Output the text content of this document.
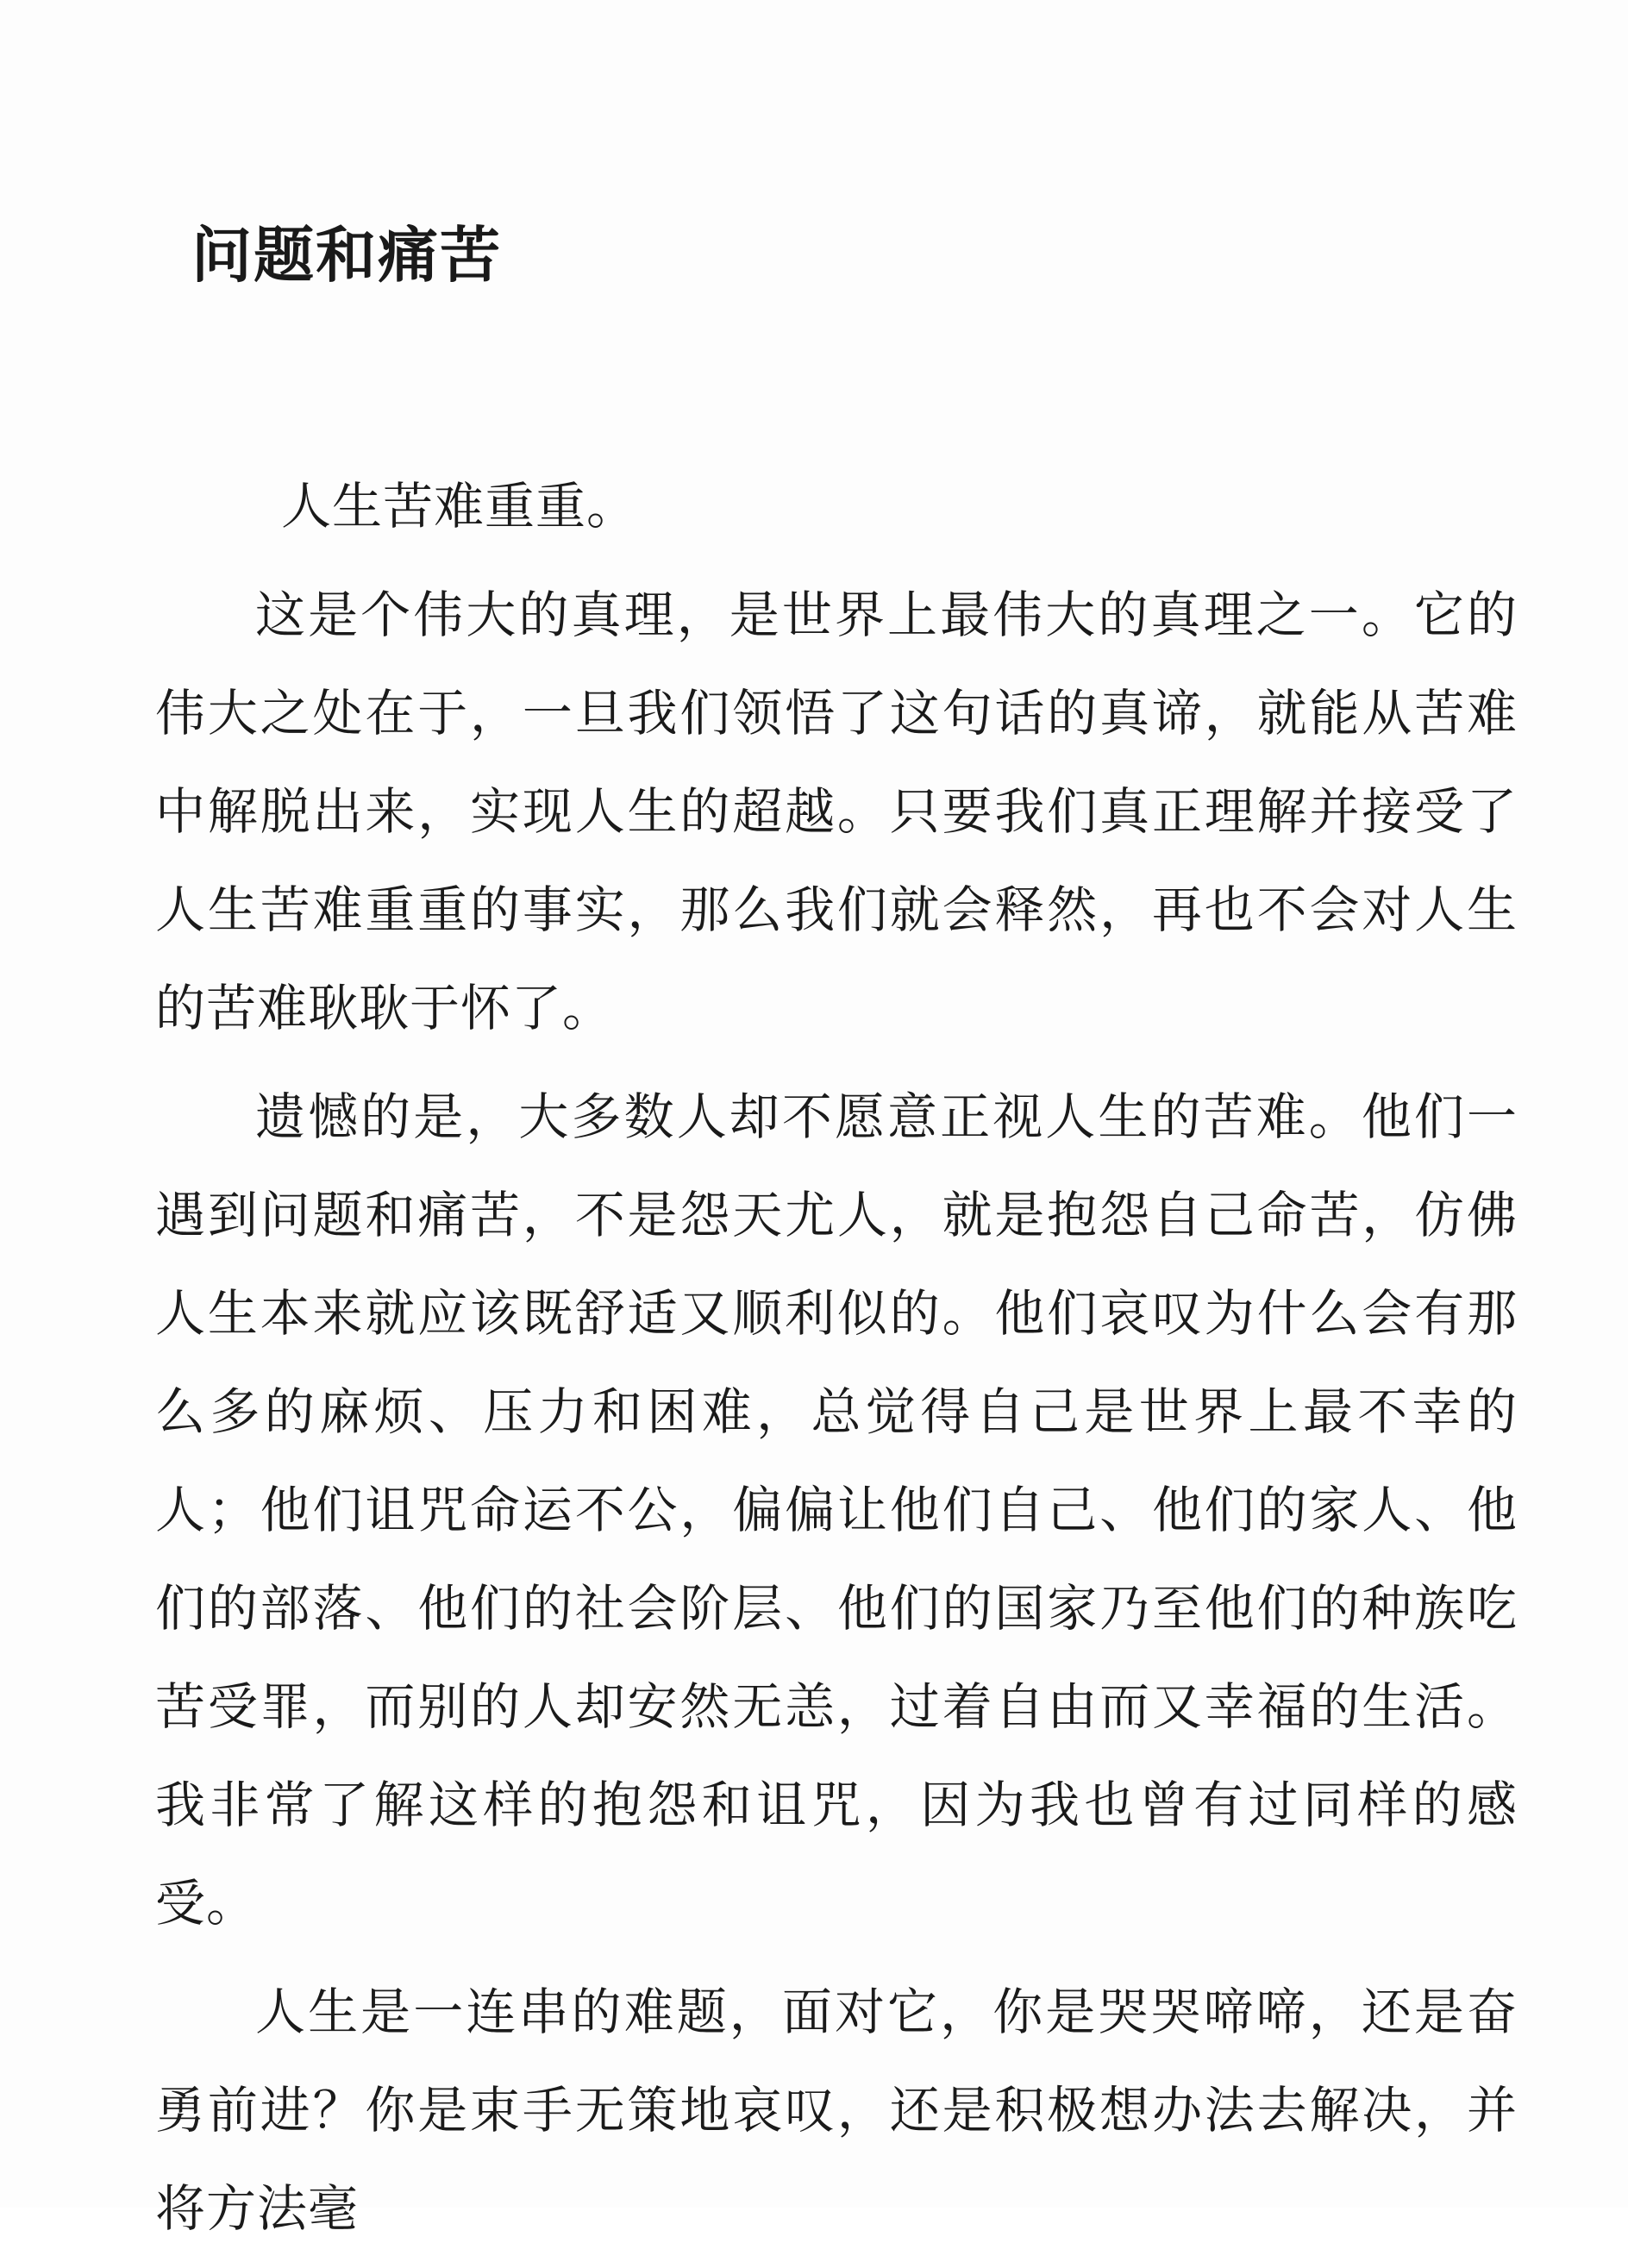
问题和痛苦

人生苦难重重。

这是个伟大的真理，是世界上最伟大的真理之一。它的伟大之处在于，一旦我们领悟了这句话的真谛，就能从苦难中解脱出来，实现人生的超越。只要我们真正理解并接受了人生苦难重重的事实，那么我们就会释然，再也不会对人生的苦难耿耿于怀了。

遗憾的是，大多数人却不愿意正视人生的苦难。他们一遇到问题和痛苦，不是怨天尤人，就是抱怨自己命苦，仿佛人生本来就应该既舒适又顺利似的。他们哀叹为什么会有那么多的麻烦、压力和困难，总觉得自己是世界上最不幸的人；他们诅咒命运不公，偏偏让他们自己、他们的家人、他们的部落、他们的社会阶层、他们的国家乃至他们的种族吃苦受罪，而别的人却安然无恙，过着自由而又幸福的生活。我非常了解这样的抱怨和诅咒，因为我也曾有过同样的感受。

人生是一连串的难题，面对它，你是哭哭啼啼，还是奋勇前进？你是束手无策地哀叹，还是积极想办法去解决，并将方法毫
